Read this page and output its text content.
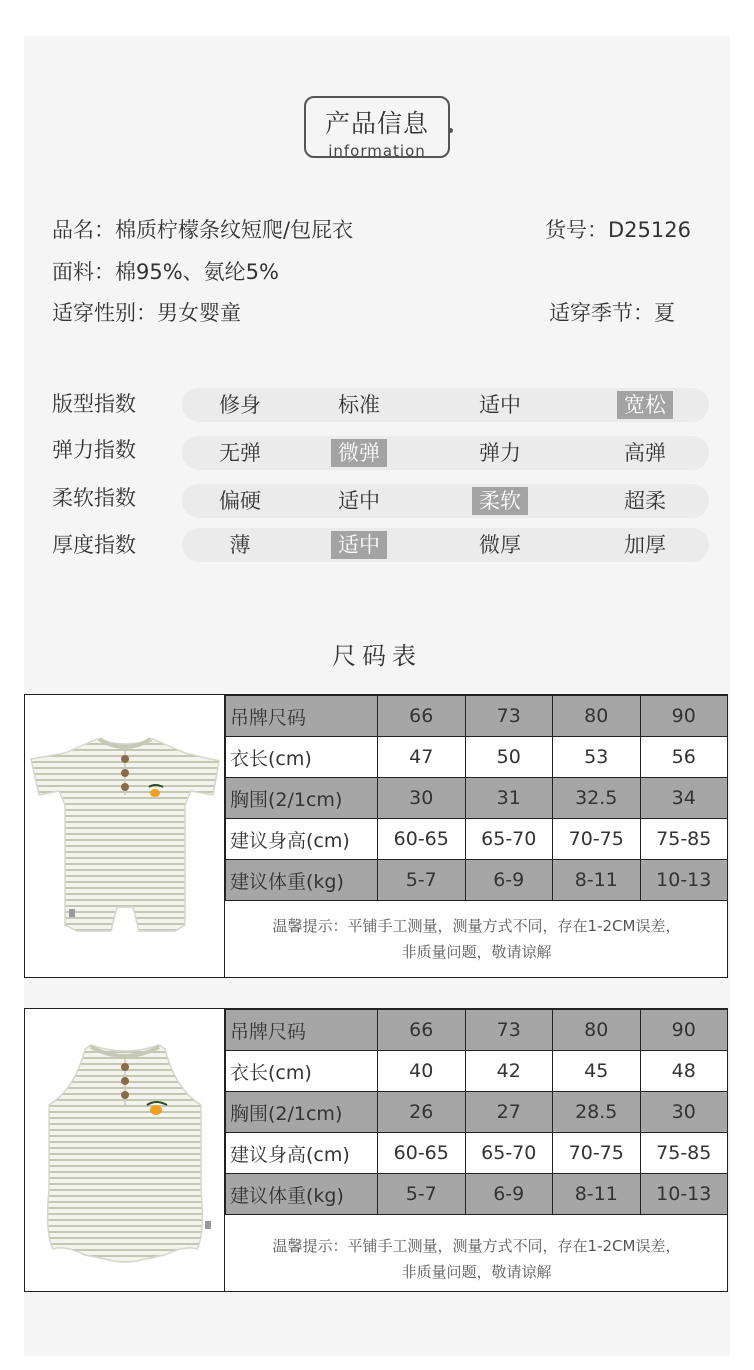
产品信息
information
品名：棉质柠檬条纹短爬/包屁衣	货号：D25126
面料：棉95%、氨纶5%
适穿性别：男女婴童	适穿季节：夏
版型指数	修身	标准	适中	宽松
弹力指数	无弹	微弹	弹力	高弹
柔软指数	偏硬	适中	柔软	超柔
厚度指数	薄	适中	微厚	加厚
尺码表
吊牌尺码	66	73	80	90
衣长(cm)	47	50	53	56
胸围(2/1cm)	30	31	32.5	34
建议身高(cm)	60-65	65-70	70-75	75-85
建议体重(kg)	5-7	6-9	8-11	10-13
温馨提示：平铺手工测量，测量方式不同，存在1-2CM误差，
非质量问题，敬请谅解
吊牌尺码	66	73	80	90
衣长(cm)	40	42	45	48
胸围(2/1cm)	26	27	28.5	30
建议身高(cm)	60-65	65-70	70-75	75-85
建议体重(kg)	5-7	6-9	8-11	10-13
温馨提示：平铺手工测量，测量方式不同，存在1-2CM误差，
非质量问题，敬请谅解
